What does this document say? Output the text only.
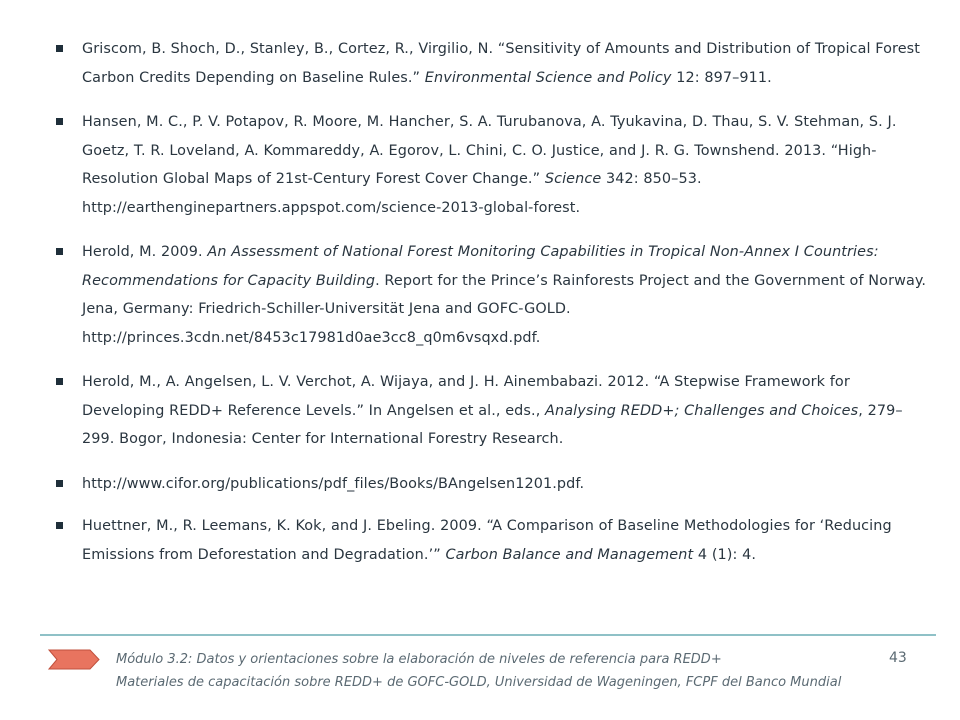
Griscom, B. Shoch, D., Stanley, B., Cortez, R., Virgilio, N. “Sensitivity of Amounts and Distribution of Tropical Forest Carbon Credits Depending on Baseline Rules.” Environmental Science and Policy 12: 897–911.
Hansen, M. C., P. V. Potapov, R. Moore, M. Hancher, S. A. Turubanova, A. Tyukavina, D. Thau, S. V. Stehman, S. J. Goetz, T. R. Loveland, A. Kommareddy, A. Egorov, L. Chini, C. O. Justice, and J. R. G. Townshend. 2013. “High-Resolution Global Maps of 21st-Century Forest Cover Change.” Science 342: 850–53. http://earthenginepartners.appspot.com/science-2013-global-forest.
Herold, M. 2009. An Assessment of National Forest Monitoring Capabilities in Tropical Non-Annex I Countries: Recommendations for Capacity Building. Report for the Prince’s Rainforests Project and the Government of Norway. Jena, Germany: Friedrich-Schiller-Universität Jena and GOFC-GOLD. http://princes.3cdn.net/8453c17981d0ae3cc8_q0m6vsqxd.pdf.
Herold, M., A. Angelsen, L. V. Verchot, A. Wijaya, and J. H. Ainembabazi. 2012. “A Stepwise Framework for Developing REDD+ Reference Levels.” In Angelsen et al., eds., Analysing REDD+; Challenges and Choices, 279–299. Bogor, Indonesia: Center for International Forestry Research.
http://www.cifor.org/publications/pdf_files/Books/BAngelsen1201.pdf.
Huettner, M., R. Leemans, K. Kok, and J. Ebeling. 2009. “A Comparison of Baseline Methodologies for ‘Reducing Emissions from Deforestation and Degradation.’” Carbon Balance and Management 4 (1): 4.
Módulo 3.2: Datos y orientaciones sobre la elaboración de niveles de referencia para REDD+	43
Materiales de capacitación sobre REDD+ de GOFC-GOLD, Universidad de Wageningen, FCPF del Banco Mundial
